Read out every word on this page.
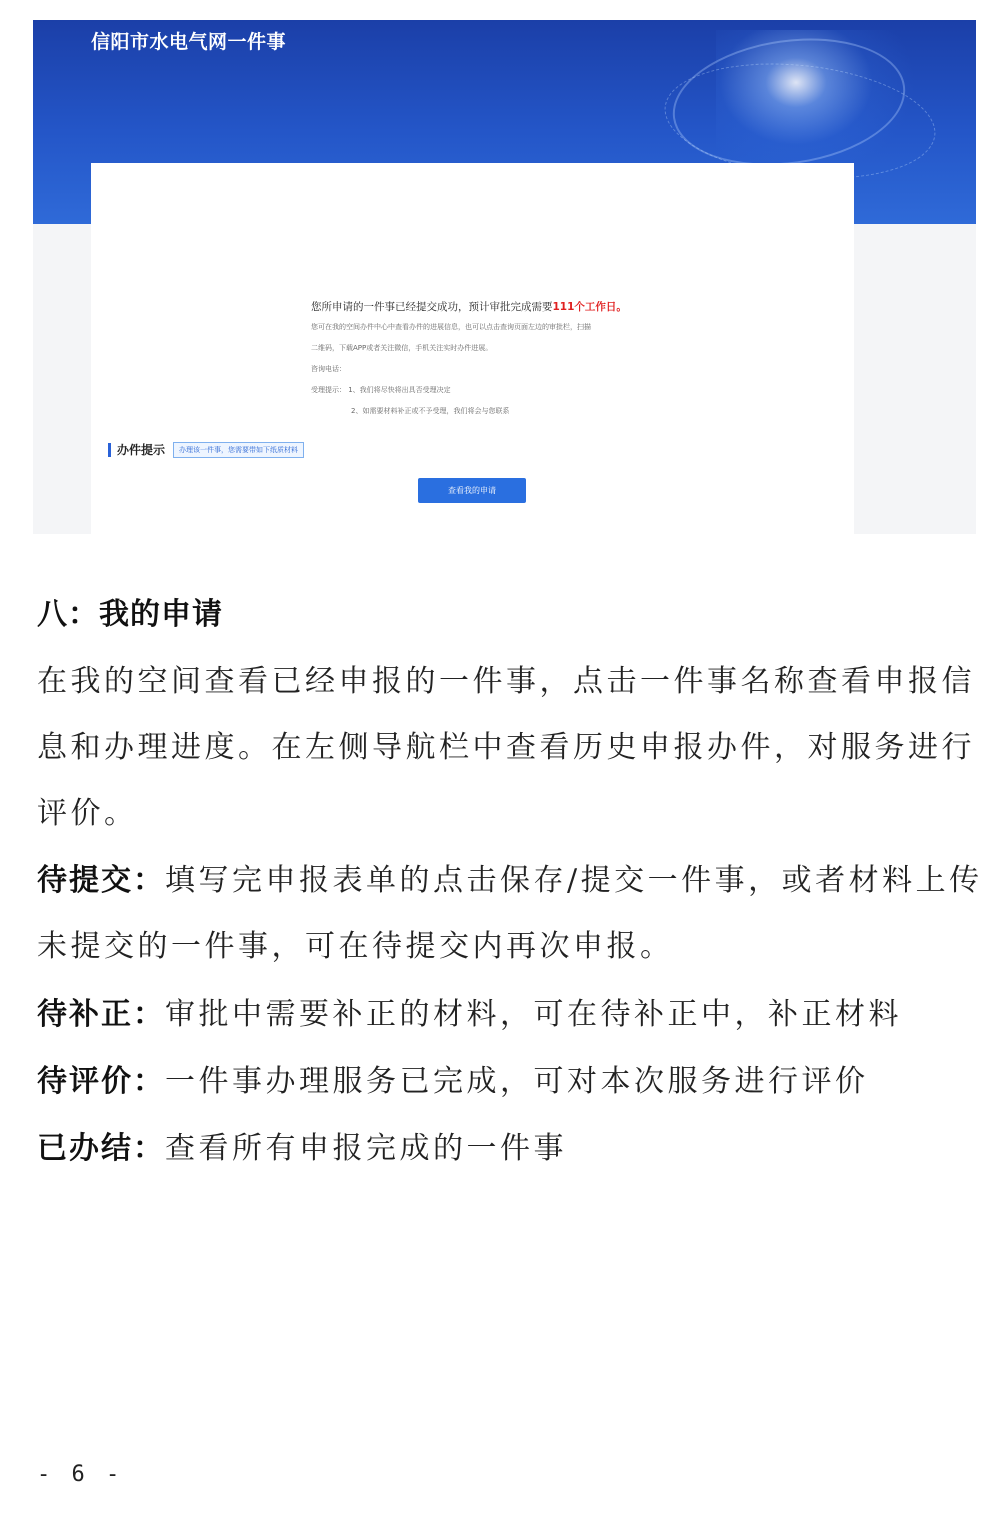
信阳市水电气网一件事
您所申请的一件事已经提交成功，预计审批完成需要111个工作日。
您可在我的空间办件中心中查看办件的进展信息，也可以点击查询页面左边的审批栏，扫描
二维码，下载APP或者关注微信，手机关注实时办件进展。
咨询电话：
受理提示： 1、我们将尽快将出具否受理决定
2、如需要材料补正或不予受理，我们将会与您联系
办件提示	办理该一件事，您需要带如下纸质材料
查看我的申请
八：我的申请
在我的空间查看已经申报的一件事，点击一件事名称查看申报信息和办理进度。在左侧导航栏中查看历史申报办件，对服务进行评价。
待提交：填写完申报表单的点击保存/提交一件事，或者材料上传未提交的一件事，可在待提交内再次申报。
待补正：审批中需要补正的材料，可在待补正中，补正材料
待评价：一件事办理服务已完成，可对本次服务进行评价
已办结：查看所有申报完成的一件事
- 6 -
